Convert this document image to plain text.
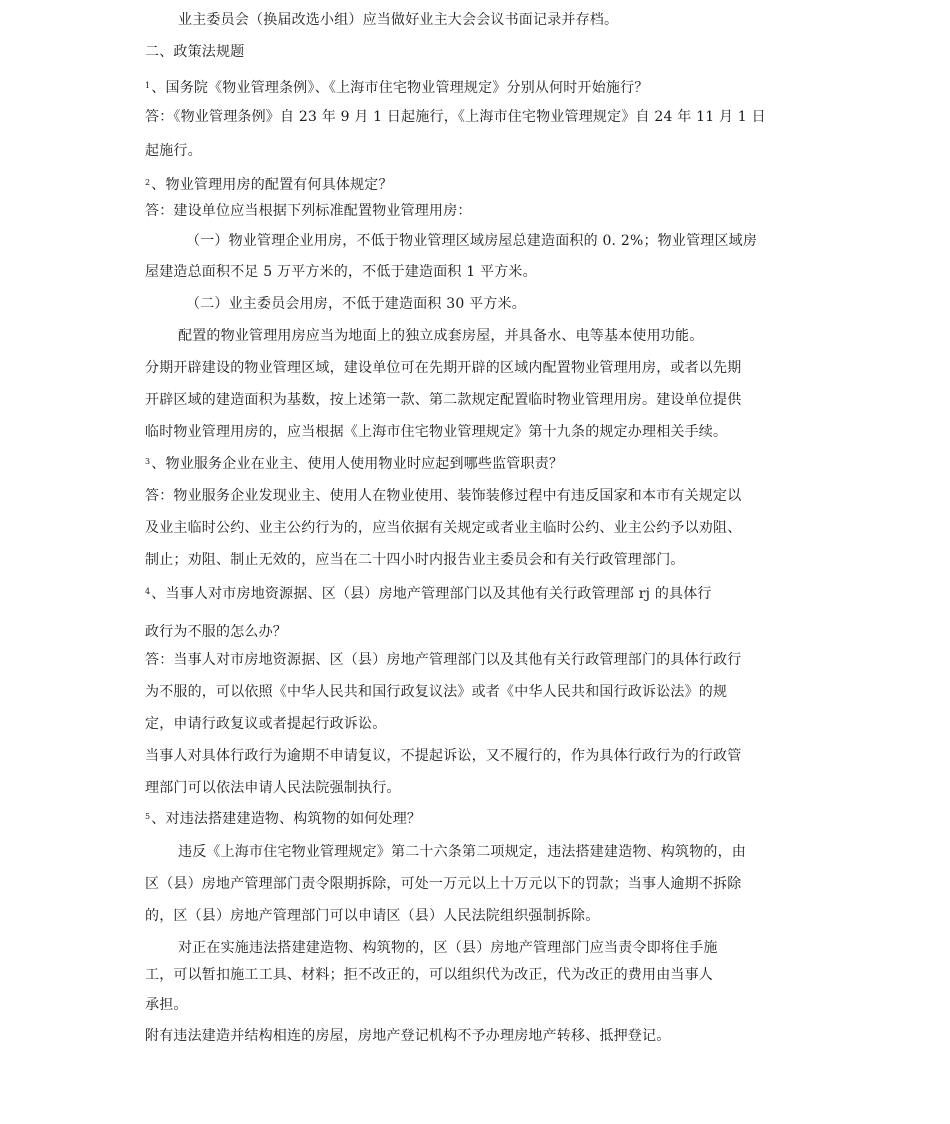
业主委员会（换届改选小组）应当做好业主大会会议书面记录并存档。
二、政策法规题
$^1$、国务院《物业管理条例》、《上海市住宅物业管理规定》分别从何时开始施行？
答：《物业管理条例》自 23 年 9 月 1 日起施行，《上海市住宅物业管理规定》自 24 年 11 月 1 日
起施行。
$^2$、物业管理用房的配置有何具体规定？
答：建设单位应当根据下列标准配置物业管理用房：
（一）物业管理企业用房，不低于物业管理区域房屋总建造面积的 0. 2%；物业管理区域房
屋建造总面积不足 5 万平方米的，不低于建造面积 1 平方米。
（二）业主委员会用房，不低于建造面积 30 平方米。
配置的物业管理用房应当为地面上的独立成套房屋，并具备水、电等基本使用功能。
分期开辟建设的物业管理区域，建设单位可在先期开辟的区域内配置物业管理用房，或者以先期
开辟区域的建造面积为基数，按上述第一款、第二款规定配置临时物业管理用房。建设单位提供
临时物业管理用房的，应当根据《上海市住宅物业管理规定》第十九条的规定办理相关手续。
$^3$、物业服务企业在业主、使用人使用物业时应起到哪些监管职责？
答：物业服务企业发现业主、使用人在物业使用、装饰装修过程中有违反国家和本市有关规定以
及业主临时公约、业主公约行为的，应当依据有关规定或者业主临时公约、业主公约予以劝阻、
制止；劝阻、制止无效的，应当在二十四小时内报告业主委员会和有关行政管理部门。
$^4$、当事人对市房地资源据、区（县）房地产管理部门以及其他有关行政管理部 rj 的具体行
政行为不服的怎么办？
答：当事人对市房地资源据、区（县）房地产管理部门以及其他有关行政管理部门的具体行政行
为不服的，可以依照《中华人民共和国行政复议法》或者《中华人民共和国行政诉讼法》的规
定，申请行政复议或者提起行政诉讼。
当事人对具体行政行为逾期不申请复议，不提起诉讼，又不履行的，作为具体行政行为的行政管
理部门可以依法申请人民法院强制执行。
$^5$、对违法搭建建造物、构筑物的如何处理？
违反《上海市住宅物业管理规定》第二十六条第二项规定，违法搭建建造物、构筑物的，由
区（县）房地产管理部门责令限期拆除，可处一万元以上十万元以下的罚款；当事人逾期不拆除
的，区（县）房地产管理部门可以申请区（县）人民法院组织强制拆除。
对正在实施违法搭建建造物、构筑物的，区（县）房地产管理部门应当责令即将住手施
工，可以暂扣施工工具、材料；拒不改正的，可以组织代为改正，代为改正的费用由当事人
承担。
附有违法建造并结构相连的房屋，房地产登记机构不予办理房地产转移、抵押登记。
